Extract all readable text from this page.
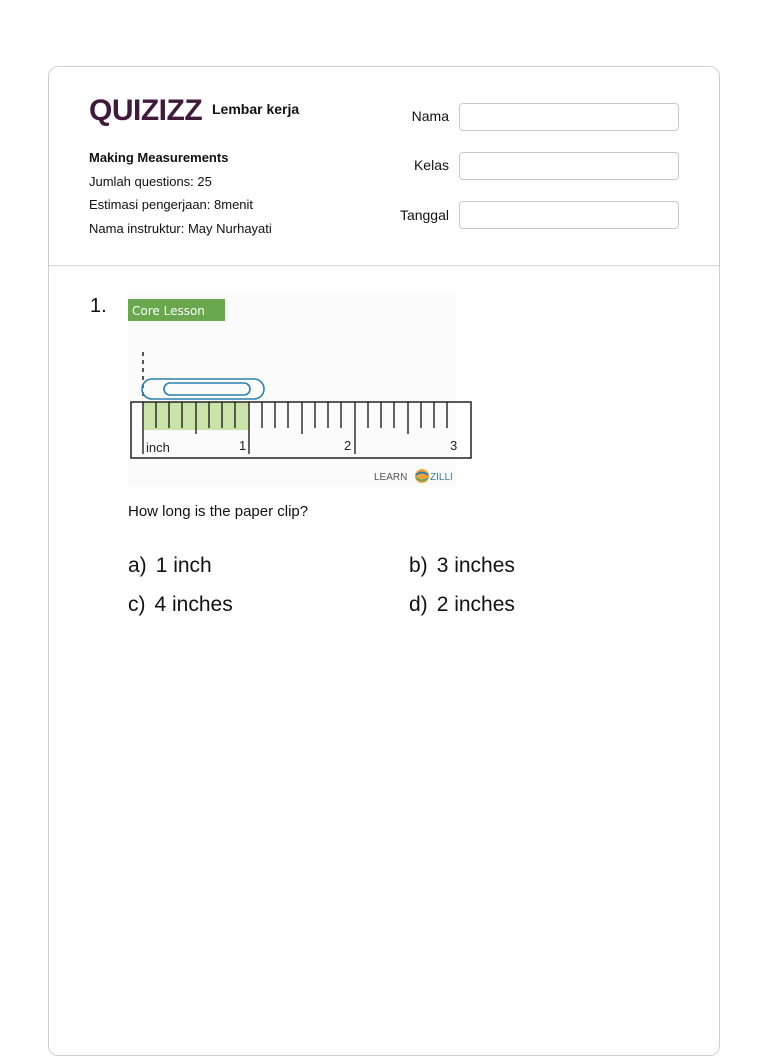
QUIZIZZ Lembar kerja
Making Measurements
Jumlah questions: 25
Estimasi pengerjaan: 8menit
Nama instruktur: May Nurhayati
Nama
Kelas
Tanggal
1. Core Lesson
inch	1	2	3
LEARN ZILLI
How long is the paper clip?
a) 1 inch	b) 3 inches
c) 4 inches	d) 2 inches
